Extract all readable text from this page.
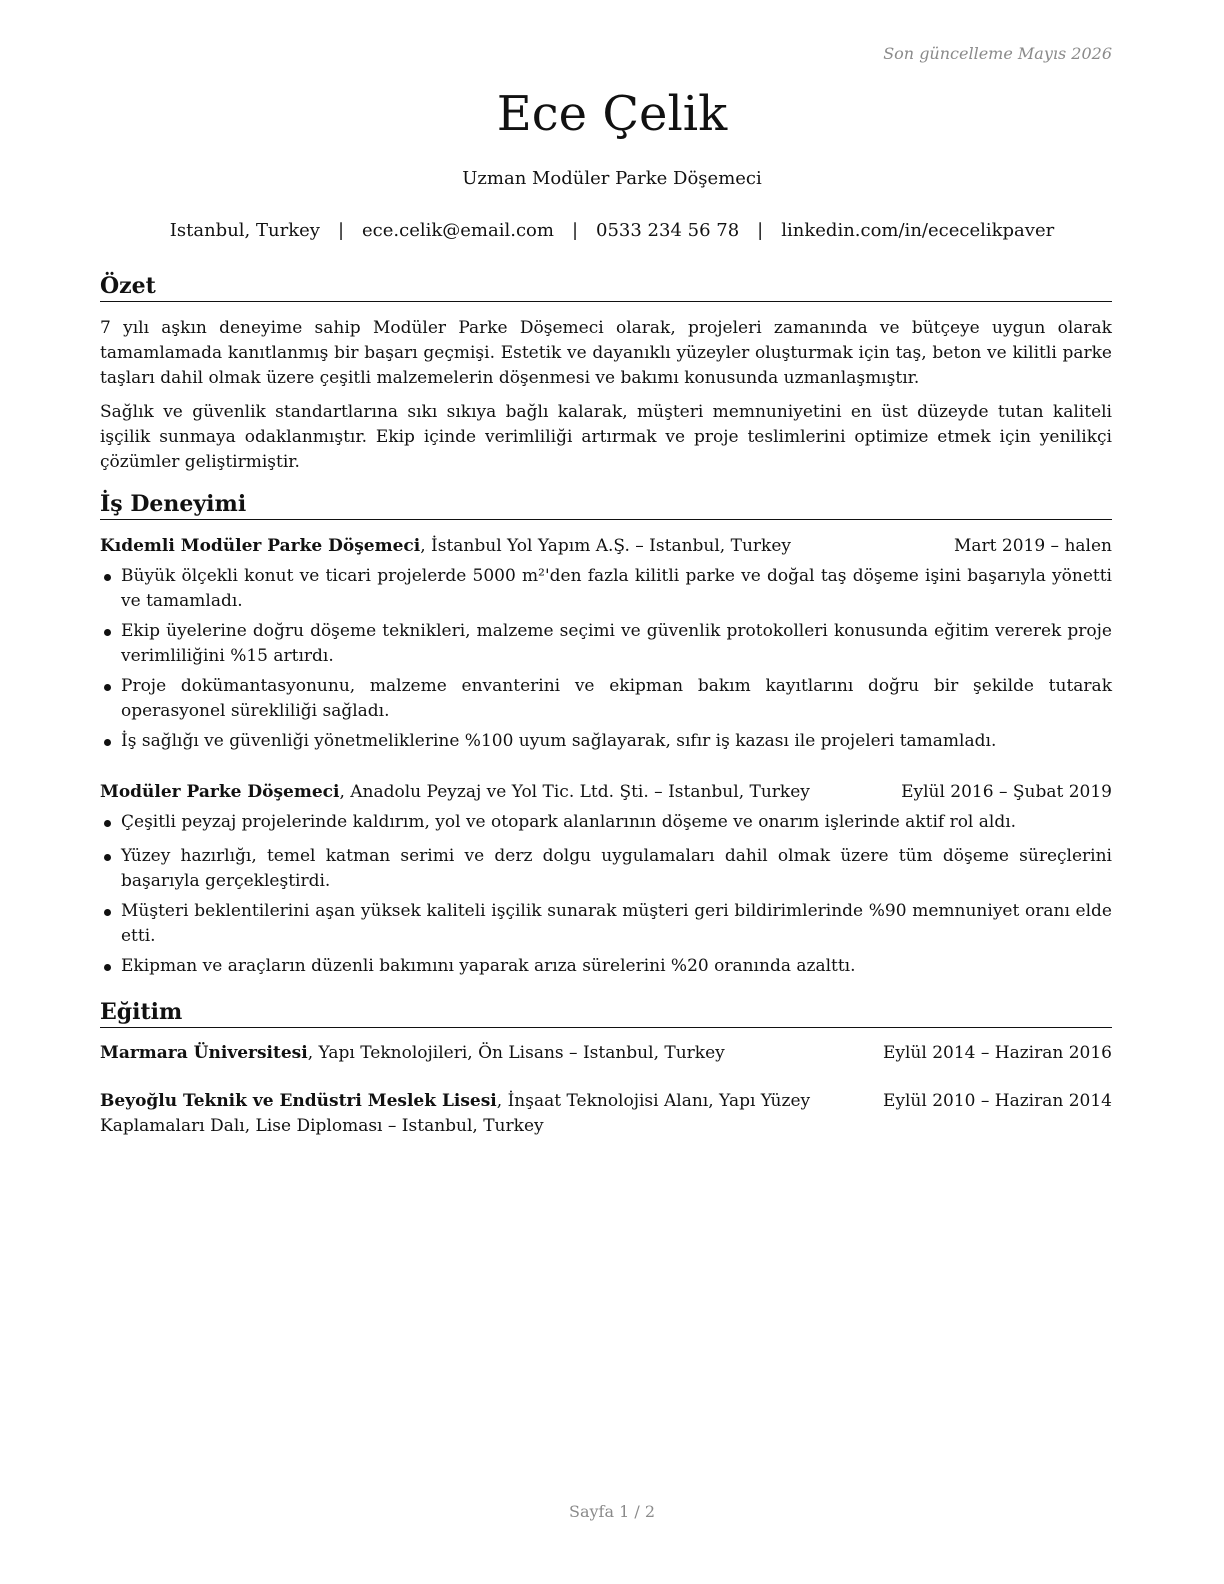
Son güncelleme Mayıs 2026
Ece Çelik

Uzman Modüler Parke Döşemeci

Istanbul, Turkey | ece.celik@email.com | 0533 234 56 78 | linkedin.com/in/ececelikpaver
Özet

7 yılı aşkın deneyime sahip Modüler Parke Döşemeci olarak, projeleri zamanında ve bütçeye uygun olarak tamamlamada kanıtlanmış bir başarı geçmişi. Estetik ve dayanıklı yüzeyler oluşturmak için taş, beton ve kilitli parke taşları dahil olmak üzere çeşitli malzemelerin döşenmesi ve bakımı konusunda uzmanlaşmıştır.

Sağlık ve güvenlik standartlarına sıkı sıkıya bağlı kalarak, müşteri memnuniyetini en üst düzeyde tutan kaliteli işçilik sunmaya odaklanmıştır. Ekip içinde verimliliği artırmak ve proje teslimlerini optimize etmek için yenilikçi çözümler geliştirmiştir.

İş Deneyimi
Kıdemli Modüler Parke Döşemeci, İstanbul Yol Yapım A.Ş. – Istanbul, Turkey	Mart 2019 – halen
Büyük ölçekli konut ve ticari projelerde 5000 m²'den fazla kilitli parke ve doğal taş döşeme işini başarıyla yönetti ve tamamladı.
Ekip üyelerine doğru döşeme teknikleri, malzeme seçimi ve güvenlik protokolleri konusunda eğitim vererek proje verimliliğini %15 artırdı.
Proje dokümantasyonunu, malzeme envanterini ve ekipman bakım kayıtlarını doğru bir şekilde tutarak operasyonel sürekliliği sağladı.
İş sağlığı ve güvenliği yönetmeliklerine %100 uyum sağlayarak, sıfır iş kazası ile projeleri tamamladı.
Modüler Parke Döşemeci, Anadolu Peyzaj ve Yol Tic. Ltd. Şti. – Istanbul, Turkey	Eylül 2016 – Şubat 2019
Çeşitli peyzaj projelerinde kaldırım, yol ve otopark alanlarının döşeme ve onarım işlerinde aktif rol aldı.
Yüzey hazırlığı, temel katman serimi ve derz dolgu uygulamaları dahil olmak üzere tüm döşeme süreçlerini başarıyla gerçekleştirdi.
Müşteri beklentilerini aşan yüksek kaliteli işçilik sunarak müşteri geri bildirimlerinde %90 memnuniyet oranı elde etti.
Ekipman ve araçların düzenli bakımını yaparak arıza sürelerini %20 oranında azalttı.
Eğitim
Marmara Üniversitesi, Yapı Teknolojileri, Ön Lisans – Istanbul, Turkey	Eylül 2014 – Haziran 2016
Beyoğlu Teknik ve Endüstri Meslek Lisesi, İnşaat Teknolojisi Alanı, Yapı Yüzey Kaplamaları Dalı, Lise Diploması – Istanbul, Turkey
Eylül 2010 – Haziran 2014
Sayfa 1 / 2
